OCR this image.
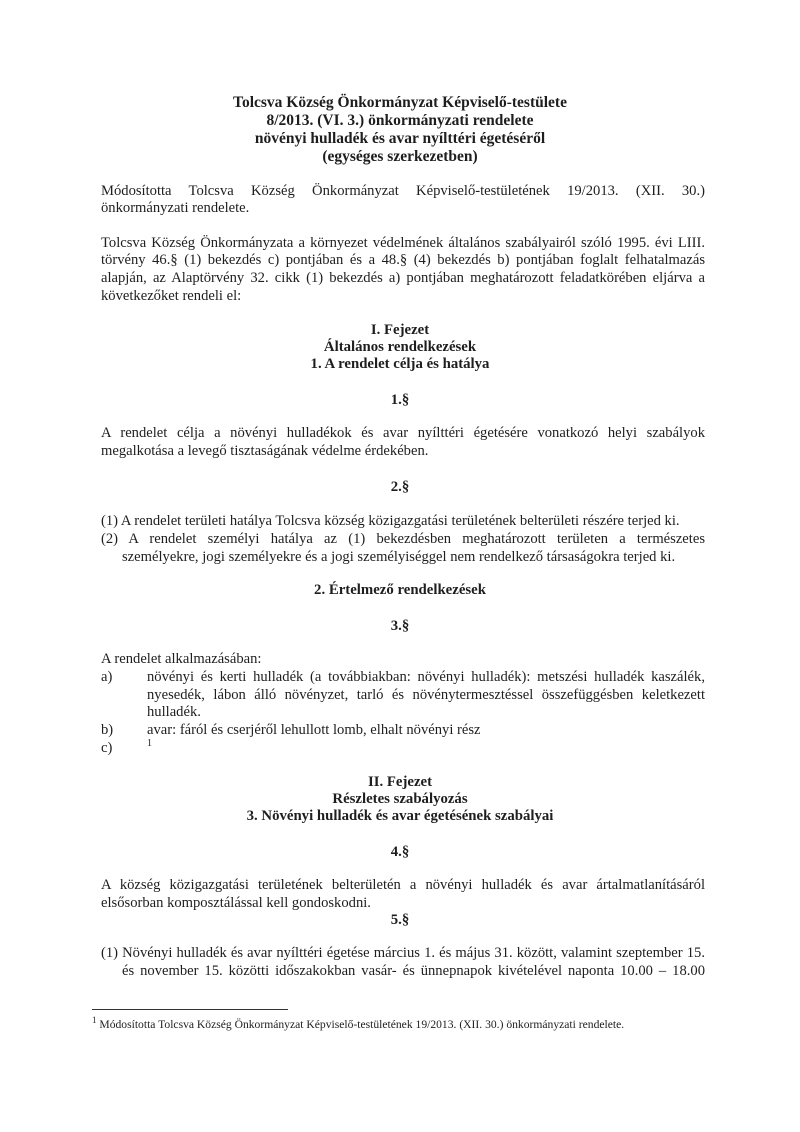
Tolcsva Község Önkormányzat Képviselő-testülete
8/2013. (VI. 3.) önkormányzati rendelete
növényi hulladék és avar nyílttéri égetéséről
(egységes szerkezetben)
Módosította Tolcsva Község Önkormányzat Képviselő-testületének 19/2013. (XII. 30.)
önkormányzati rendelete.
Tolcsva Község Önkormányzata a környezet védelmének általános szabályairól szóló 1995. évi LIII.
törvény 46.§ (1) bekezdés c) pontjában és a 48.§ (4) bekezdés b) pontjában foglalt felhatalmazás
alapján, az Alaptörvény 32. cikk (1) bekezdés a) pontjában meghatározott feladatkörében eljárva a
következőket rendeli el:
I. Fejezet
Általános rendelkezések
1. A rendelet célja és hatálya
1.§
A rendelet célja a növényi hulladékok és avar nyílttéri égetésére vonatkozó helyi szabályok
megalkotása a levegő tisztaságának védelme érdekében.
2.§
(1) A rendelet területi hatálya Tolcsva község közigazgatási területének belterületi részére terjed ki.
(2) A rendelet személyi hatálya az (1) bekezdésben meghatározott területen a természetes
személyekre, jogi személyekre és a jogi személyiséggel nem rendelkező társaságokra terjed ki.
2. Értelmező rendelkezések
3.§
A rendelet alkalmazásában:
a) növényi és kerti hulladék (a továbbiakban: növényi hulladék): metszési hulladék kaszálék,
nyesedék, lábon álló növényzet, tarló és növénytermesztéssel összefüggésben keletkezett
hulladék.
b) avar: fáról és cserjéről lehullott lomb, elhalt növényi rész
c)	1
II. Fejezet
Részletes szabályozás
3. Növényi hulladék és avar égetésének szabályai
4.§
A község közigazgatási területének belterületén a növényi hulladék és avar ártalmatlanításáról
elsősorban komposztálással kell gondoskodni.
5.§
(1) Növényi hulladék és avar nyílttéri égetése március 1. és május 31. között, valamint szeptember 15.
és november 15. közötti időszakokban vasár- és ünnepnapok kivételével naponta 10.00 – 18.00
$^1$ Módosította Tolcsva Község Önkormányzat Képviselő-testületének 19/2013. (XII. 30.) önkormányzati rendelete.
